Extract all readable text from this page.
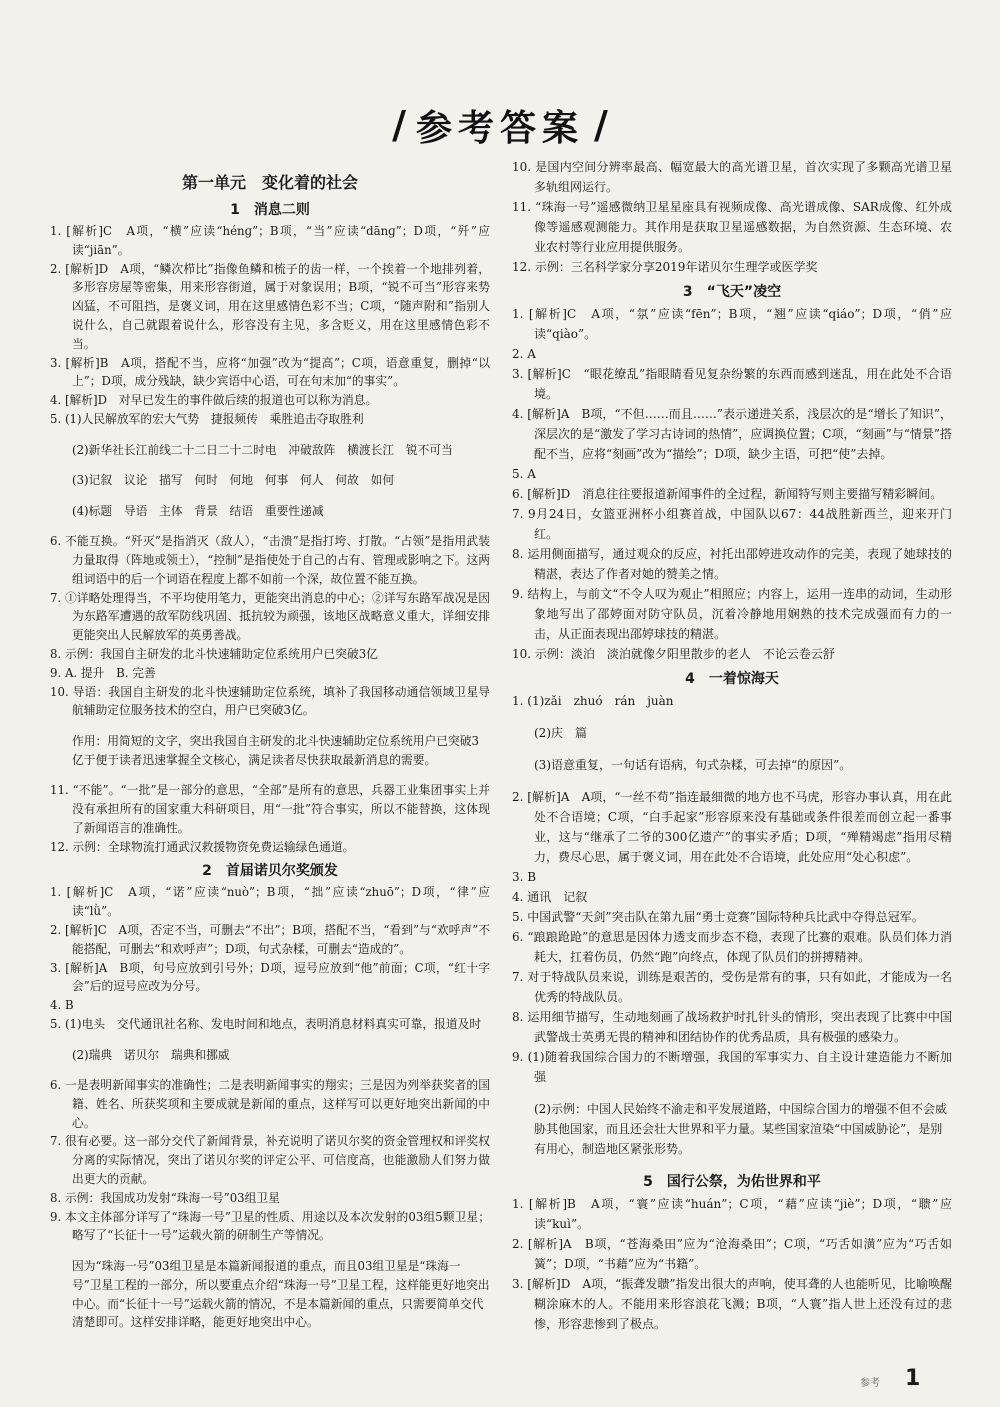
/ 参考答案 /
第一单元　变化着的社会
1　消息二则

1. [解析]C　A项，“横”应读“hénɡ”；B项，“当”应读“dānɡ”；D项，“歼”应读“jiān”。

2. [解析]D　A项，“鳞次栉比”指像鱼鳞和梳子的齿一样，一个挨着一个地排列着，多形容房屋等密集，用来形容街道，属于对象误用；B项，“锐不可当”形容来势凶猛，不可阻挡，是褒义词，用在这里感情色彩不当；C项，“随声附和”指别人说什么，自己就跟着说什么，形容没有主见，多含贬义，用在这里感情色彩不当。

3. [解析]B　A项，搭配不当，应将“加强”改为“提高”；C项，语意重复，删掉“以上”；D项，成分残缺，缺少宾语中心语，可在句末加“的事实”。

4. [解析]D　对早已发生的事件做后续的报道也可以称为消息。

5. (1)人民解放军的宏大气势　捷报频传　乘胜追击夺取胜利

(2)新华社长江前线二十二日二十二时电　冲破敌阵　横渡长江　锐不可当

(3)记叙　议论　描写　何时　何地　何事　何人　何故　如何

(4)标题　导语　主体　背景　结语　重要性递减

6. 不能互换。“歼灭”是指消灭（敌人），“击溃”是指打垮、打散。“占领”是指用武装力量取得（阵地或领土），“控制”是指使处于自己的占有、管理或影响之下。这两组词语中的后一个词语在程度上都不如前一个深，故位置不能互换。

7. ①详略处理得当，不平均使用笔力，更能突出消息的中心；②详写东路军战况是因为东路军遭遇的敌军防线巩固、抵抗较为顽强，该地区战略意义重大，详细安排更能突出人民解放军的英勇善战。

8. 示例：我国自主研发的北斗快速辅助定位系统用户已突破3亿

9. A. 提升　B. 完善

10. 导语：我国自主研发的北斗快速辅助定位系统，填补了我国移动通信领域卫星导航辅助定位服务技术的空白，用户已突破3亿。

作用：用简短的文字，突出我国自主研发的北斗快速辅助定位系统用户已突破3亿于便于读者迅速掌握全文核心，满足读者尽快获取最新消息的需要。

11. “不能”。“一批”是一部分的意思，“全部”是所有的意思，兵器工业集团事实上并没有承担所有的国家重大科研项目，用“一批”符合事实，所以不能替换，这体现了新闻语言的准确性。

12. 示例：全球物流打通武汉救援物资免费运输绿色通道。

2　首届诺贝尔奖颁发

1. [解析]C　A项，“诺”应读“nuò”；B项，“拙”应读“zhuō”；D项，“律”应读“lǜ”。

2. [解析]C　A项，否定不当，可删去“不出”；B项，搭配不当，“看到”与“欢呼声”不能搭配，可删去“和欢呼声”；D项，句式杂糅，可删去“造成的”。

3. [解析]A　B项，句号应放到引号外；D项，逗号应放到“他”前面；C项，“红十字会”后的逗号应改为分号。

4. B

5. (1)电头　交代通讯社名称、发电时间和地点，表明消息材料真实可靠，报道及时

(2)瑞典　诺贝尔　瑞典和挪威

6. 一是表明新闻事实的准确性；二是表明新闻事实的翔实；三是因为列举获奖者的国籍、姓名、所获奖项和主要成就是新闻的重点，这样写可以更好地突出新闻的中心。

7. 很有必要。这一部分交代了新闻背景，补充说明了诺贝尔奖的资金管理权和评奖权分离的实际情况，突出了诺贝尔奖的评定公平、可信度高，也能激励人们努力做出更大的贡献。

8. 示例：我国成功发射“珠海一号”03组卫星

9. 本文主体部分详写了“珠海一号”卫星的性质、用途以及本次发射的03组5颗卫星；略写了“长征十一号”运载火箭的研制生产等情况。

因为“珠海一号”03组卫星是本篇新闻报道的重点，而且03组卫星是“珠海一号”卫星工程的一部分，所以要重点介绍“珠海一号”卫星工程，这样能更好地突出中心。而“长征十一号”运载火箭的情况，不是本篇新闻的重点，只需要简单交代清楚即可。这样安排详略，能更好地突出中心。

10. 是国内空间分辨率最高、幅宽最大的高光谱卫星，首次实现了多颗高光谱卫星多轨组网运行。

11. “珠海一号”遥感微纳卫星星座具有视频成像、高光谱成像、SAR成像、红外成像等遥感观测能力。其作用是获取卫星遥感数据，为自然资源、生态环境、农业农村等行业应用提供服务。

12. 示例：三名科学家分享2019年诺贝尔生理学或医学奖

3　“飞天”凌空

1. [解析]C　A项，“氛”应读“fēn”；B项，“翘”应读“qiáo”；D项，“俏”应读“qiào”。

2. A

3. [解析]C　“眼花缭乱”指眼睛看见复杂纷繁的东西而感到迷乱，用在此处不合语境。

4. [解析]A　B项，“不但……而且……”表示递进关系，浅层次的是“增长了知识”，深层次的是“激发了学习古诗词的热情”，应调换位置；C项，“刻画”与“情景”搭配不当，应将“刻画”改为“描绘”；D项，缺少主语，可把“使”去掉。

5. A

6. [解析]D　消息往往要报道新闻事件的全过程，新闻特写则主要描写精彩瞬间。

7. 9月24日，女篮亚洲杯小组赛首战，中国队以67：44战胜新西兰，迎来开门红。

8. 运用侧面描写，通过观众的反应，衬托出邵婷进攻动作的完美，表现了她球技的精湛，表达了作者对她的赞美之情。

9. 结构上，与前文“不令人叹为观止”相照应；内容上，运用一连串的动词，生动形象地写出了邵婷面对防守队员，沉着冷静地用娴熟的技术完成强而有力的一击，从正面表现出邵婷球技的精湛。

10. 示例：淡泊　淡泊就像夕阳里散步的老人　不论云卷云舒

4　一着惊海天

1. (1)zǎi　zhuó　rán　juàn

(2)庆　篇

(3)语意重复，一句话有语病，句式杂糅，可去掉“的原因”。

2. [解析]A　A项，“一丝不苟”指连最细微的地方也不马虎，形容办事认真，用在此处不合语境；C项，“白手起家”形容原来没有基础或条件很差而创立起一番事业，这与“继承了二爷的300亿遗产”的事实矛盾；D项，“殚精竭虑”指用尽精力，费尽心思，属于褒义词，用在此处不合语境，此处应用“处心积虑”。

3. B

4. 通讯　记叙

5. 中国武警“天剑”突击队在第九届“勇士竞赛”国际特种兵比武中夺得总冠军。

6. “踉踉跄跄”的意思是因体力透支而步态不稳，表现了比赛的艰难。队员们体力消耗大，扛着伤员，仍然“跑”向终点，体现了队员们的拼搏精神。

7. 对于特战队员来说，训练是艰苦的，受伤是常有的事，只有如此，才能成为一名优秀的特战队员。

8. 运用细节描写，生动地刻画了战场救护时扎针头的情形，突出表现了比赛中中国武警战士英勇无畏的精神和团结协作的优秀品质，具有极强的感染力。

9. (1)随着我国综合国力的不断增强，我国的军事实力、自主设计建造能力不断加强

(2)示例：中国人民始终不渝走和平发展道路，中国综合国力的增强不但不会威胁其他国家，而且还会壮大世界和平力量。某些国家渲染“中国威胁论”，是别有用心，制造地区紧张形势。

5　国行公祭，为佑世界和平

1. [解析]B　A项，“寰”应读“huán”；C项，“藉”应读“jiè”；D项，“聩”应读“kuì”。

2. [解析]A　B项，“苍海桑田”应为“沧海桑田”；C项，“巧舌如潢”应为“巧舌如簧”；D项，“书藉”应为“书籍”。

3. [解析]D　A项，“振聋发聩”指发出很大的声响，使耳聋的人也能听见，比喻唤醒糊涂麻木的人。不能用来形容浪花飞溅；B项，“人寰”指人世上还没有过的悲惨，形容悲惨到了极点。

参考 1
